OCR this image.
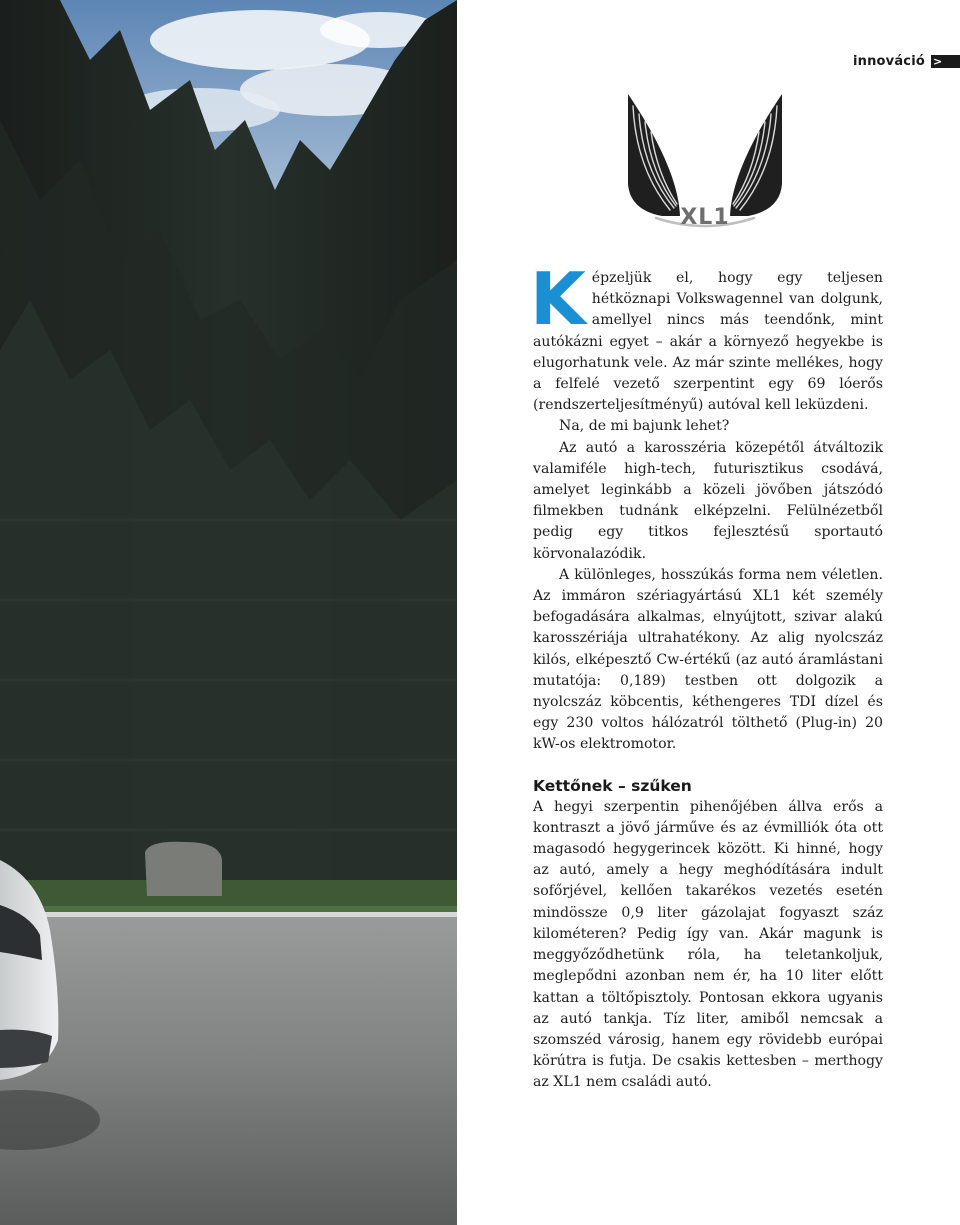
innováció >
XL1

Képzeljük el, hogy egy teljesen hétköznapi Volkswagennel van dolgunk, amellyel nincs más teendőnk, mint autókázni egyet – akár a környező hegyekbe is elugorhatunk vele. Az már szinte mellékes, hogy a felfelé vezető szerpentint egy 69 lóerős (rendszerteljesítményű) autóval kell leküzdeni.

Na, de mi bajunk lehet?

Az autó a karosszéria közepétől átváltozik valamiféle high-tech, futurisztikus csodává, amelyet leginkább a közeli jövőben játszódó filmekben tudnánk elképzelni. Felülnézetből pedig egy titkos fejlesztésű sportautó körvonalazódik.

A különleges, hosszúkás forma nem véletlen. Az immáron szériagyártású XL1 két személy befogadására alkalmas, elnyújtott, szivar alakú karosszériája ultrahatékony. Az alig nyolcszáz kilós, elképesztő Cw-értékű (az autó áramlástani mutatója: 0,189) testben ott dolgozik a nyolcszáz köbcentis, kéthengeres TDI dízel és egy 230 voltos hálózatról tölthető (Plug-in) 20 kW-os elektromotor.

Kettőnek – szűken

A hegyi szerpentin pihenőjében állva erős a kontraszt a jövő járműve és az évmilliók óta ott magasodó hegygerincek között. Ki hinné, hogy az autó, amely a hegy meghódítására indult sofőrjével, kellően takarékos vezetés esetén mindössze 0,9 liter gázolajat fogyaszt száz kilométeren? Pedig így van. Akár magunk is meggyőződhetünk róla, ha teletankoljuk, meglepődni azonban nem ér, ha 10 liter előtt kattan a töltőpisztoly. Pontosan ekkora ugyanis az autó tankja. Tíz liter, amiből nemcsak a szomszéd városig, hanem egy rövidebb európai körútra is futja. De csakis kettesben – merthogy az XL1 nem családi autó.
